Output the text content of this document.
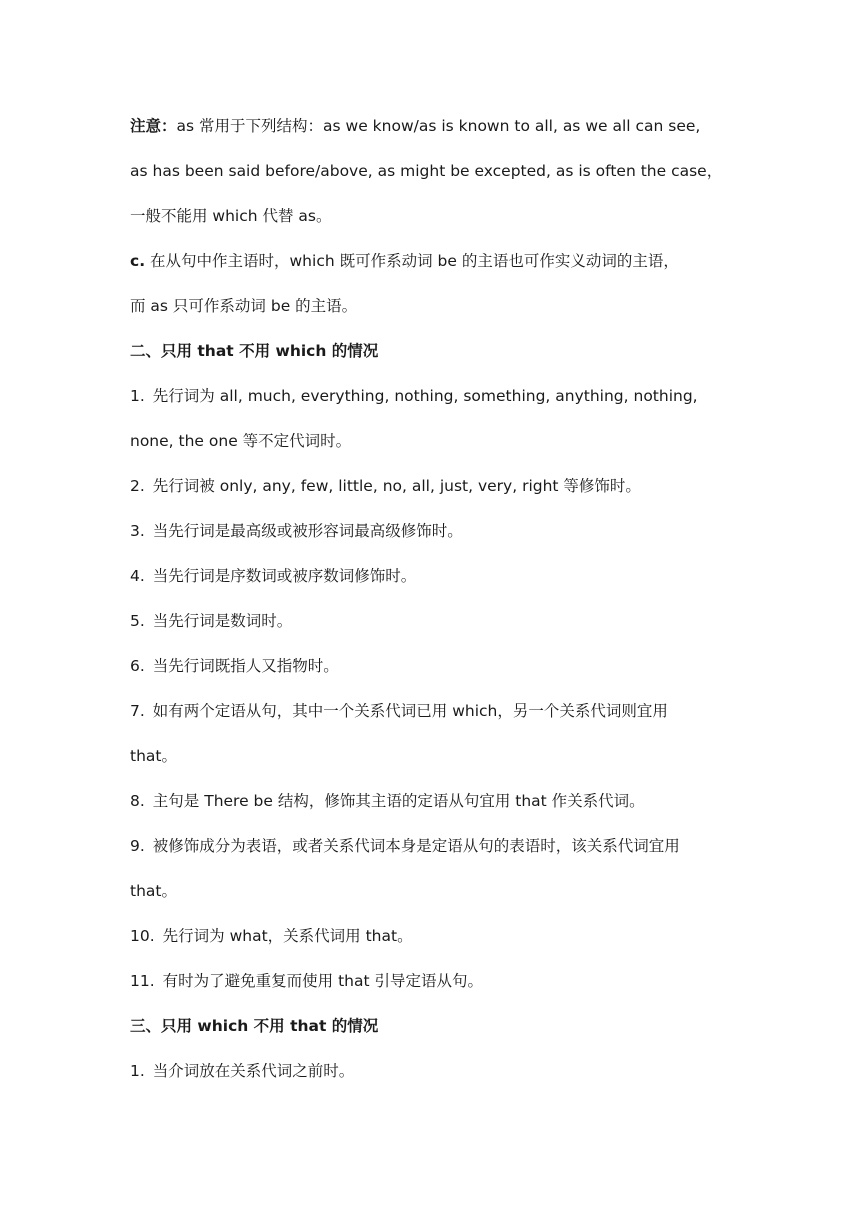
注意：as 常用于下列结构：as we know/as is known to all, as we all can see,
as has been said before/above, as might be excepted, as is often the case，
一般不能用 which 代替 as。
c. 在从句中作主语时，which 既可作系动词 be 的主语也可作实义动词的主语，
而 as 只可作系动词 be 的主语。
二、只用 that 不用 which 的情况
1. 先行词为 all, much, everything, nothing, something, anything, nothing,
none, the one 等不定代词时。
2. 先行词被 only, any, few, little, no, all, just, very, right 等修饰时。
3. 当先行词是最高级或被形容词最高级修饰时。
4. 当先行词是序数词或被序数词修饰时。
5. 当先行词是数词时。
6. 当先行词既指人又指物时。
7. 如有两个定语从句，其中一个关系代词已用 which，另一个关系代词则宜用
that。
8. 主句是 There be 结构，修饰其主语的定语从句宜用 that 作关系代词。
9. 被修饰成分为表语，或者关系代词本身是定语从句的表语时，该关系代词宜用
that。
10. 先行词为 what，关系代词用 that。
11. 有时为了避免重复而使用 that 引导定语从句。
三、只用 which 不用 that 的情况
1. 当介词放在关系代词之前时。
